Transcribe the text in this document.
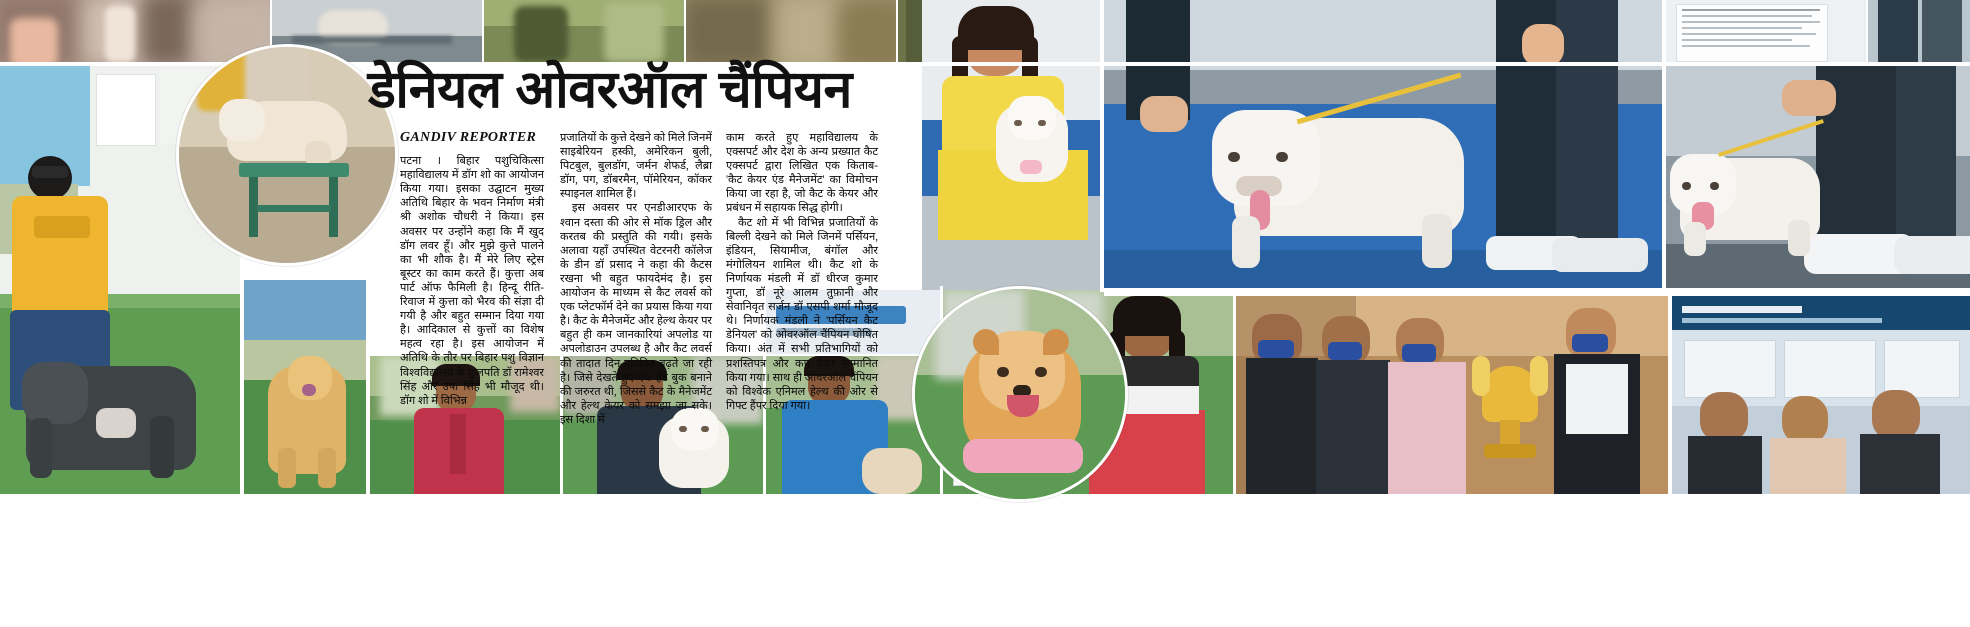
डेनियल ओवरऑल चैंपियन
GANDIV REPORTER

पटना । बिहार पशुचिकित्सा महाविद्यालय में डॉग शो का आयोजन किया गया। इसका उद्घाटन मुख्य अतिथि बिहार के भवन निर्माण मंत्री श्री अशोक चौधरी ने किया। इस अवसर पर उन्होंने कहा कि मैं खुद डॉग लवर हूँ। और मुझे कुत्ते पालने का भी शौक है। मैं मेरे लिए स्ट्रेस बूस्टर का काम करते हैं। कुत्ता अब पार्ट ऑफ फैमिली है। हिन्दू रीति-रिवाज में कुत्ता को भैरव की संज्ञा दी गयी है और बहुत सम्मान दिया गया है। आदिकाल से कुत्तों का विशेष महत्व रहा है। इस आयोजन में अतिथि के तौर पर बिहार पशु विज्ञान विश्वविद्यालय के कुलपति डॉ रामेश्वर सिंह और उषा सिंह भी मौजूद थी। डॉग शो में विभिन्न

प्रजातियों के कुत्ते देखने को मिले जिनमें साइबेरियन हस्की, अमेरिकन बुली, पिटबुल, बुलडॉग, जर्मन शेफर्ड, लैब्रा डॉग, पग, डॉबरमैन, पॉमेरियन, कॉकर स्पाइनल शामिल हैं।

इस अवसर पर एनडीआरएफ के श्वान दस्ता की ओर से मॉक ड्रिल और करतब की प्रस्तुति की गयी। इसके अलावा यहाँ उपस्थित वेटरनरी कॉलेज के डीन डॉ प्रसाद ने कहा की कैटस रखना भी बहुत फायदेमंद है। इस आयोजन के माध्यम से कैट लवर्स को एक प्लेटफॉर्म देने का प्रयास किया गया है। कैट के मैनेजमेंट और हेल्थ केयर पर बहुत ही कम जानकारियां अपलोड या अपलोडाउन उपलब्ध है और कैट लवर्स की तादात दिन-प्रतिदिन बढ़ते जा रही है। जिसे देखते हुए एक हैंड बुक बनाने की जरुरत थी, जिससे कैट के मैनेजमेंट और हेल्थ केयर को समझा जा सके। इस दिशा में

काम करते हुए महाविद्यालय के एक्सपर्ट और देश के अन्य प्रख्यात कैट एक्सपर्ट द्वारा लिखित एक किताब- 'कैट केयर एंड मैनेजमेंट' का विमोचन किया जा रहा है, जो कैट के केयर और प्रबंधन में सहायक सिद्ध होगी।

कैट शो में भी विभिन्न प्रजातियों के बिल्ली देखने को मिले जिनमें पर्सियन, इंडियन, सियामीज, बंगॉल और मंगोलियन शामिल थी। कैट शो के निर्णायक मंडली में डॉ धीरज कुमार गुप्ता, डॉ नूरे आलम तुफ़ानी और सेवानिवृत सर्जन डॉ एसपी शर्मा मौजूद थे। निर्णायक मंडली ने 'पर्सियन कैट डेनियल' को ओवरऑल चैंपियन घोषित किया। अंत में सभी प्रतिभागियों को प्रशस्तिपत्र और कप देकर सम्मानित किया गया। साथ ही ओवरऑल चैंपियन को विश्वेक एनिमल हेल्थ की ओर से गिफ्ट हैंपर दिया गया।
